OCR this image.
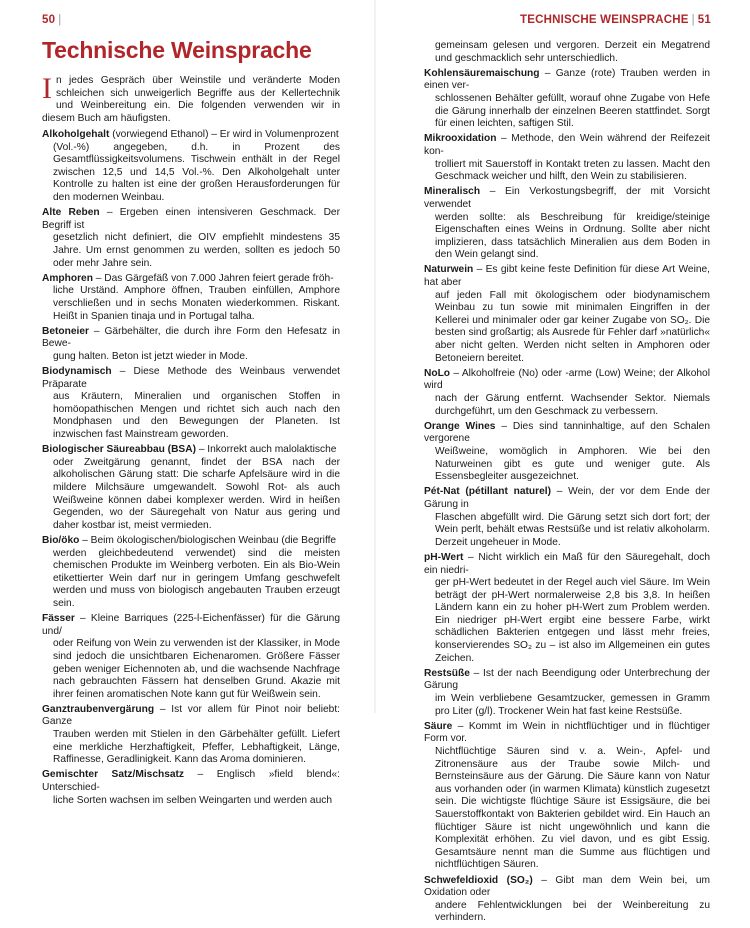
50 |
Technische Weinsprache

In jedes Gespräch über Weinstile und veränderte Moden schleichen sich unweigerlich Begriffe aus der Kellertechnik und Weinbereitung ein. Die folgenden verwenden wir in diesem Buch am häufigsten.

Alkoholgehalt (vorwiegend Ethanol) – Er wird in Volumenprozent
(Vol.-%) angegeben, d.h. in Prozent des Gesamtflüssigkeitsvolumens. Tischwein enthält in der Regel zwischen 12,5 und 14,5 Vol.-%. Den Alkoholgehalt unter Kontrolle zu halten ist eine der großen Herausforderungen für den modernen Weinbau.
Alte Reben – Ergeben einen intensiveren Geschmack. Der Begriff ist
gesetzlich nicht definiert, die OIV empfiehlt mindestens 35 Jahre. Um ernst genommen zu werden, sollten es jedoch 50 oder mehr Jahre sein.
Amphoren – Das Gärgefäß von 7.000 Jahren feiert gerade fröh-
liche Urständ. Amphore öffnen, Trauben einfüllen, Amphore verschließen und in sechs Monaten wiederkommen. Riskant. Heißt in Spanien tinaja und in Portugal talha.
Betoneier – Gärbehälter, die durch ihre Form den Hefesatz in Bewe-
gung halten. Beton ist jetzt wieder in Mode.
Biodynamisch – Diese Methode des Weinbaus verwendet Präparate
aus Kräutern, Mineralien und organischen Stoffen in homöopathischen Mengen und richtet sich auch nach den Mondphasen und den Bewegungen der Planeten. Ist inzwischen fast Mainstream geworden.
Biologischer Säureabbau (BSA) – Inkorrekt auch malolaktische
oder Zweitgärung genannt, findet der BSA nach der alkoholischen Gärung statt: Die scharfe Apfelsäure wird in die mildere Milchsäure umgewandelt. Sowohl Rot- als auch Weißweine können dabei komplexer werden. Wird in heißen Gegenden, wo der Säuregehalt von Natur aus gering und daher kostbar ist, meist vermieden.
Bio/öko – Beim ökologischen/biologischen Weinbau (die Begriffe
werden gleichbedeutend verwendet) sind die meisten chemischen Produkte im Weinberg verboten. Ein als Bio-Wein etikettierter Wein darf nur in geringem Umfang geschwefelt werden und muss von biologisch angebauten Trauben erzeugt sein.
Fässer – Kleine Barriques (225-l-Eichenfässer) für die Gärung und/
oder Reifung von Wein zu verwenden ist der Klassiker, in Mode sind jedoch die unsichtbaren Eichenaromen. Größere Fässer geben weniger Eichennoten ab, und die wachsende Nachfrage nach gebrauchten Fässern hat denselben Grund. Akazie mit ihrer feinen aromatischen Note kann gut für Weißwein sein.
Ganztraubenvergärung – Ist vor allem für Pinot noir beliebt: Ganze
Trauben werden mit Stielen in den Gärbehälter gefüllt. Liefert eine merkliche Herzhaftigkeit, Pfeffer, Lebhaftigkeit, Länge, Raffinesse, Geradlinigkeit. Kann das Aroma dominieren.
Gemischter Satz/Mischsatz – Englisch »field blend«: Unterschied-
liche Sorten wachsen im selben Weingarten und werden auch
TECHNISCHE WEINSPRACHE | 51
gemeinsam gelesen und vergoren. Derzeit ein Megatrend und geschmacklich sehr unterschiedlich.
Kohlensäuremaischung – Ganze (rote) Trauben werden in einen ver-
schlossenen Behälter gefüllt, worauf ohne Zugabe von Hefe die Gärung innerhalb der einzelnen Beeren stattfindet. Sorgt für einen leichten, saftigen Stil.
Mikrooxidation – Methode, den Wein während der Reifezeit kon-
trolliert mit Sauerstoff in Kontakt treten zu lassen. Macht den Geschmack weicher und hilft, den Wein zu stabilisieren.
Mineralisch – Ein Verkostungsbegriff, der mit Vorsicht verwendet
werden sollte: als Beschreibung für kreidige/steinige Eigenschaften eines Weins in Ordnung. Sollte aber nicht implizieren, dass tatsächlich Mineralien aus dem Boden in den Wein gelangt sind.
Naturwein – Es gibt keine feste Definition für diese Art Weine, hat aber
auf jeden Fall mit ökologischem oder biodynamischem Weinbau zu tun sowie mit minimalen Eingriffen in der Kellerei und minimaler oder gar keiner Zugabe von SO₂. Die besten sind großartig; als Ausrede für Fehler darf »natürlich« aber nicht gelten. Werden nicht selten in Amphoren oder Betoneiern bereitet.
NoLo – Alkoholfreie (No) oder -arme (Low) Weine; der Alkohol wird
nach der Gärung entfernt. Wachsender Sektor. Niemals durchgeführt, um den Geschmack zu verbessern.
Orange Wines – Dies sind tanninhaltige, auf den Schalen vergorene
Weißweine, womöglich in Amphoren. Wie bei den Naturweinen gibt es gute und weniger gute. Als Essensbegleiter ausgezeichnet.
Pét-Nat (pétillant naturel) – Wein, der vor dem Ende der Gärung in
Flaschen abgefüllt wird. Die Gärung setzt sich dort fort; der Wein perlt, behält etwas Restsüße und ist relativ alkoholarm. Derzeit ungeheuer in Mode.
pH-Wert – Nicht wirklich ein Maß für den Säuregehalt, doch ein niedri-
ger pH-Wert bedeutet in der Regel auch viel Säure. Im Wein beträgt der pH-Wert normalerweise 2,8 bis 3,8. In heißen Ländern kann ein zu hoher pH-Wert zum Problem werden. Ein niedriger pH-Wert ergibt eine bessere Farbe, wirkt schädlichen Bakterien entgegen und lässt mehr freies, konservierendes SO₂ zu – ist also im Allgemeinen ein gutes Zeichen.
Restsüße – Ist der nach Beendigung oder Unterbrechung der Gärung
im Wein verbliebene Gesamtzucker, gemessen in Gramm pro Liter (g/l). Trockener Wein hat fast keine Restsüße.
Säure – Kommt im Wein in nichtflüchtiger und in flüchtiger Form vor.
Nichtflüchtige Säuren sind v. a. Wein-, Apfel- und Zitronensäure aus der Traube sowie Milch- und Bernsteinsäure aus der Gärung. Die Säure kann von Natur aus vorhanden oder (in warmen Klimata) künstlich zugesetzt sein. Die wichtigste flüchtige Säure ist Essigsäure, die bei Sauerstoffkontakt von Bakterien gebildet wird. Ein Hauch an flüchtiger Säure ist nicht ungewöhnlich und kann die Komplexität erhöhen. Zu viel davon, und es gibt Essig. Gesamtsäure nennt man die Summe aus flüchtigen und nichtflüchtigen Säuren.
Schwefeldioxid (SO₂) – Gibt man dem Wein bei, um Oxidation oder
andere Fehlentwicklungen bei der Weinbereitung zu verhindern.
